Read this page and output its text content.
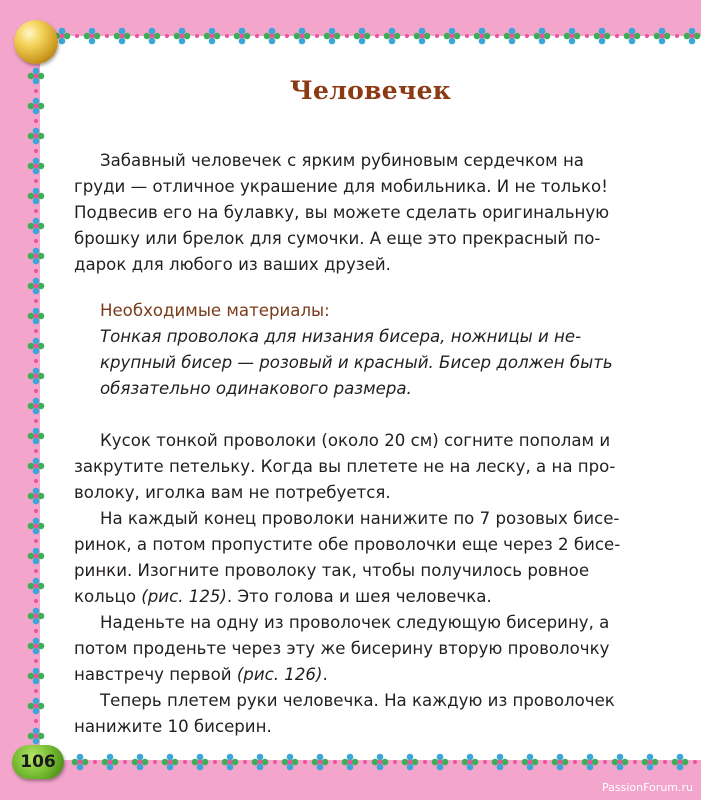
Человечек

Забавный человечек с ярким рубиновым сердечком на

груди — отличное украшение для мобильника. И не только!
Подвесив его на булавку, вы можете сделать оригинальную
брошку или брелок для сумочки. А еще это прекрасный по-
дарок для любого из ваших друзей.
Необходимые материалы:
Тонкая проволока для низания бисера, ножницы и не-
крупный бисер — розовый и красный. Бисер должен быть
обязательно одинакового размера.
Кусок тонкой проволоки (около 20 см) согните пополам и
закрутите петельку. Когда вы плетете не на леску, а на про-
волоку, иголка вам не потребуется.
На каждый конец проволоки нанижите по 7 розовых бисе-
ринок, а потом пропустите обе проволочки еще через 2 бисе-
ринки. Изогните проволоку так, чтобы получилось ровное
кольцо (рис. 125). Это голова и шея человечка.
Наденьте на одну из проволочек следующую бисерину, а
потом проденьте через эту же бисерину вторую проволочку
навстречу первой (рис. 126).
Теперь плетем руки человечка. На каждую из проволочек
нанижите 10 бисерин.
106
PassionForum.ru
